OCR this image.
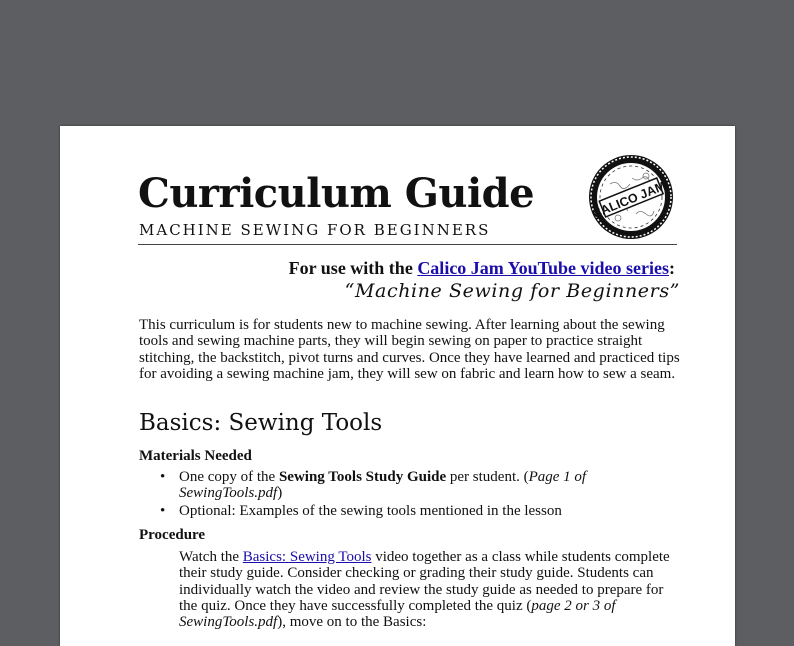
Curriculum Guide
MACHINE SEWING FOR BEGINNERS
CALICO JAM
For use with the Calico Jam YouTube video series:
“Machine Sewing for Beginners”
This curriculum is for students new to machine sewing. After learning about the sewing tools and sewing machine parts, they will begin sewing on paper to practice straight stitching, the backstitch, pivot turns and curves. Once they have learned and practiced tips for avoiding a sewing machine jam, they will sew on fabric and learn how to sew a seam.
Basics: Sewing Tools
Materials Needed
• One copy of the Sewing Tools Study Guide per student. (Page 1 of SewingTools.pdf)
• Optional: Examples of the sewing tools mentioned in the lesson
Procedure
Watch the Basics: Sewing Tools video together as a class while students complete their study guide. Consider checking or grading their study guide. Students can individually watch the video and review the study guide as needed to prepare for the quiz. Once they have successfully completed the quiz (page 2 or 3 of SewingTools.pdf), move on to the Basics:
